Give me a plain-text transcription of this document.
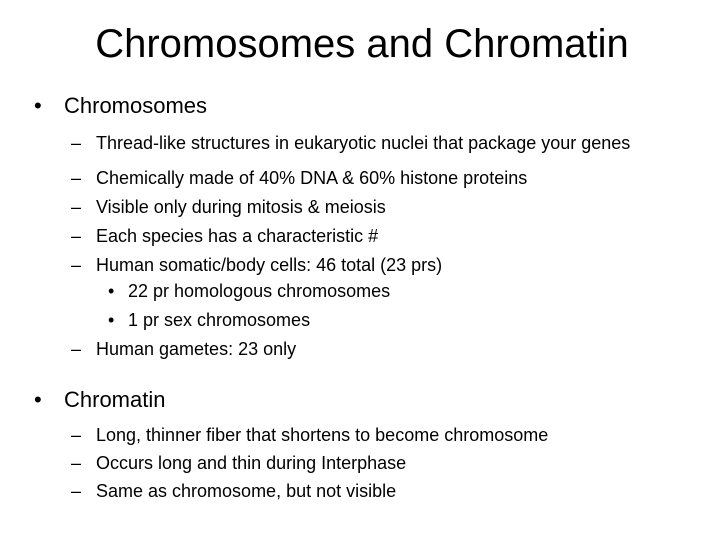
Chromosomes and Chromatin
• Chromosomes
– Thread-like structures in eukaryotic nuclei that package your genes
– Chemically made of 40% DNA & 60% histone proteins
– Visible only during mitosis & meiosis
– Each species has a characteristic #
– Human somatic/body cells: 46 total (23 prs)
• 22 pr homologous chromosomes
• 1 pr sex chromosomes
– Human gametes: 23 only
• Chromatin
– Long, thinner fiber that shortens to become chromosome
– Occurs long and thin during Interphase
– Same as chromosome, but not visible
